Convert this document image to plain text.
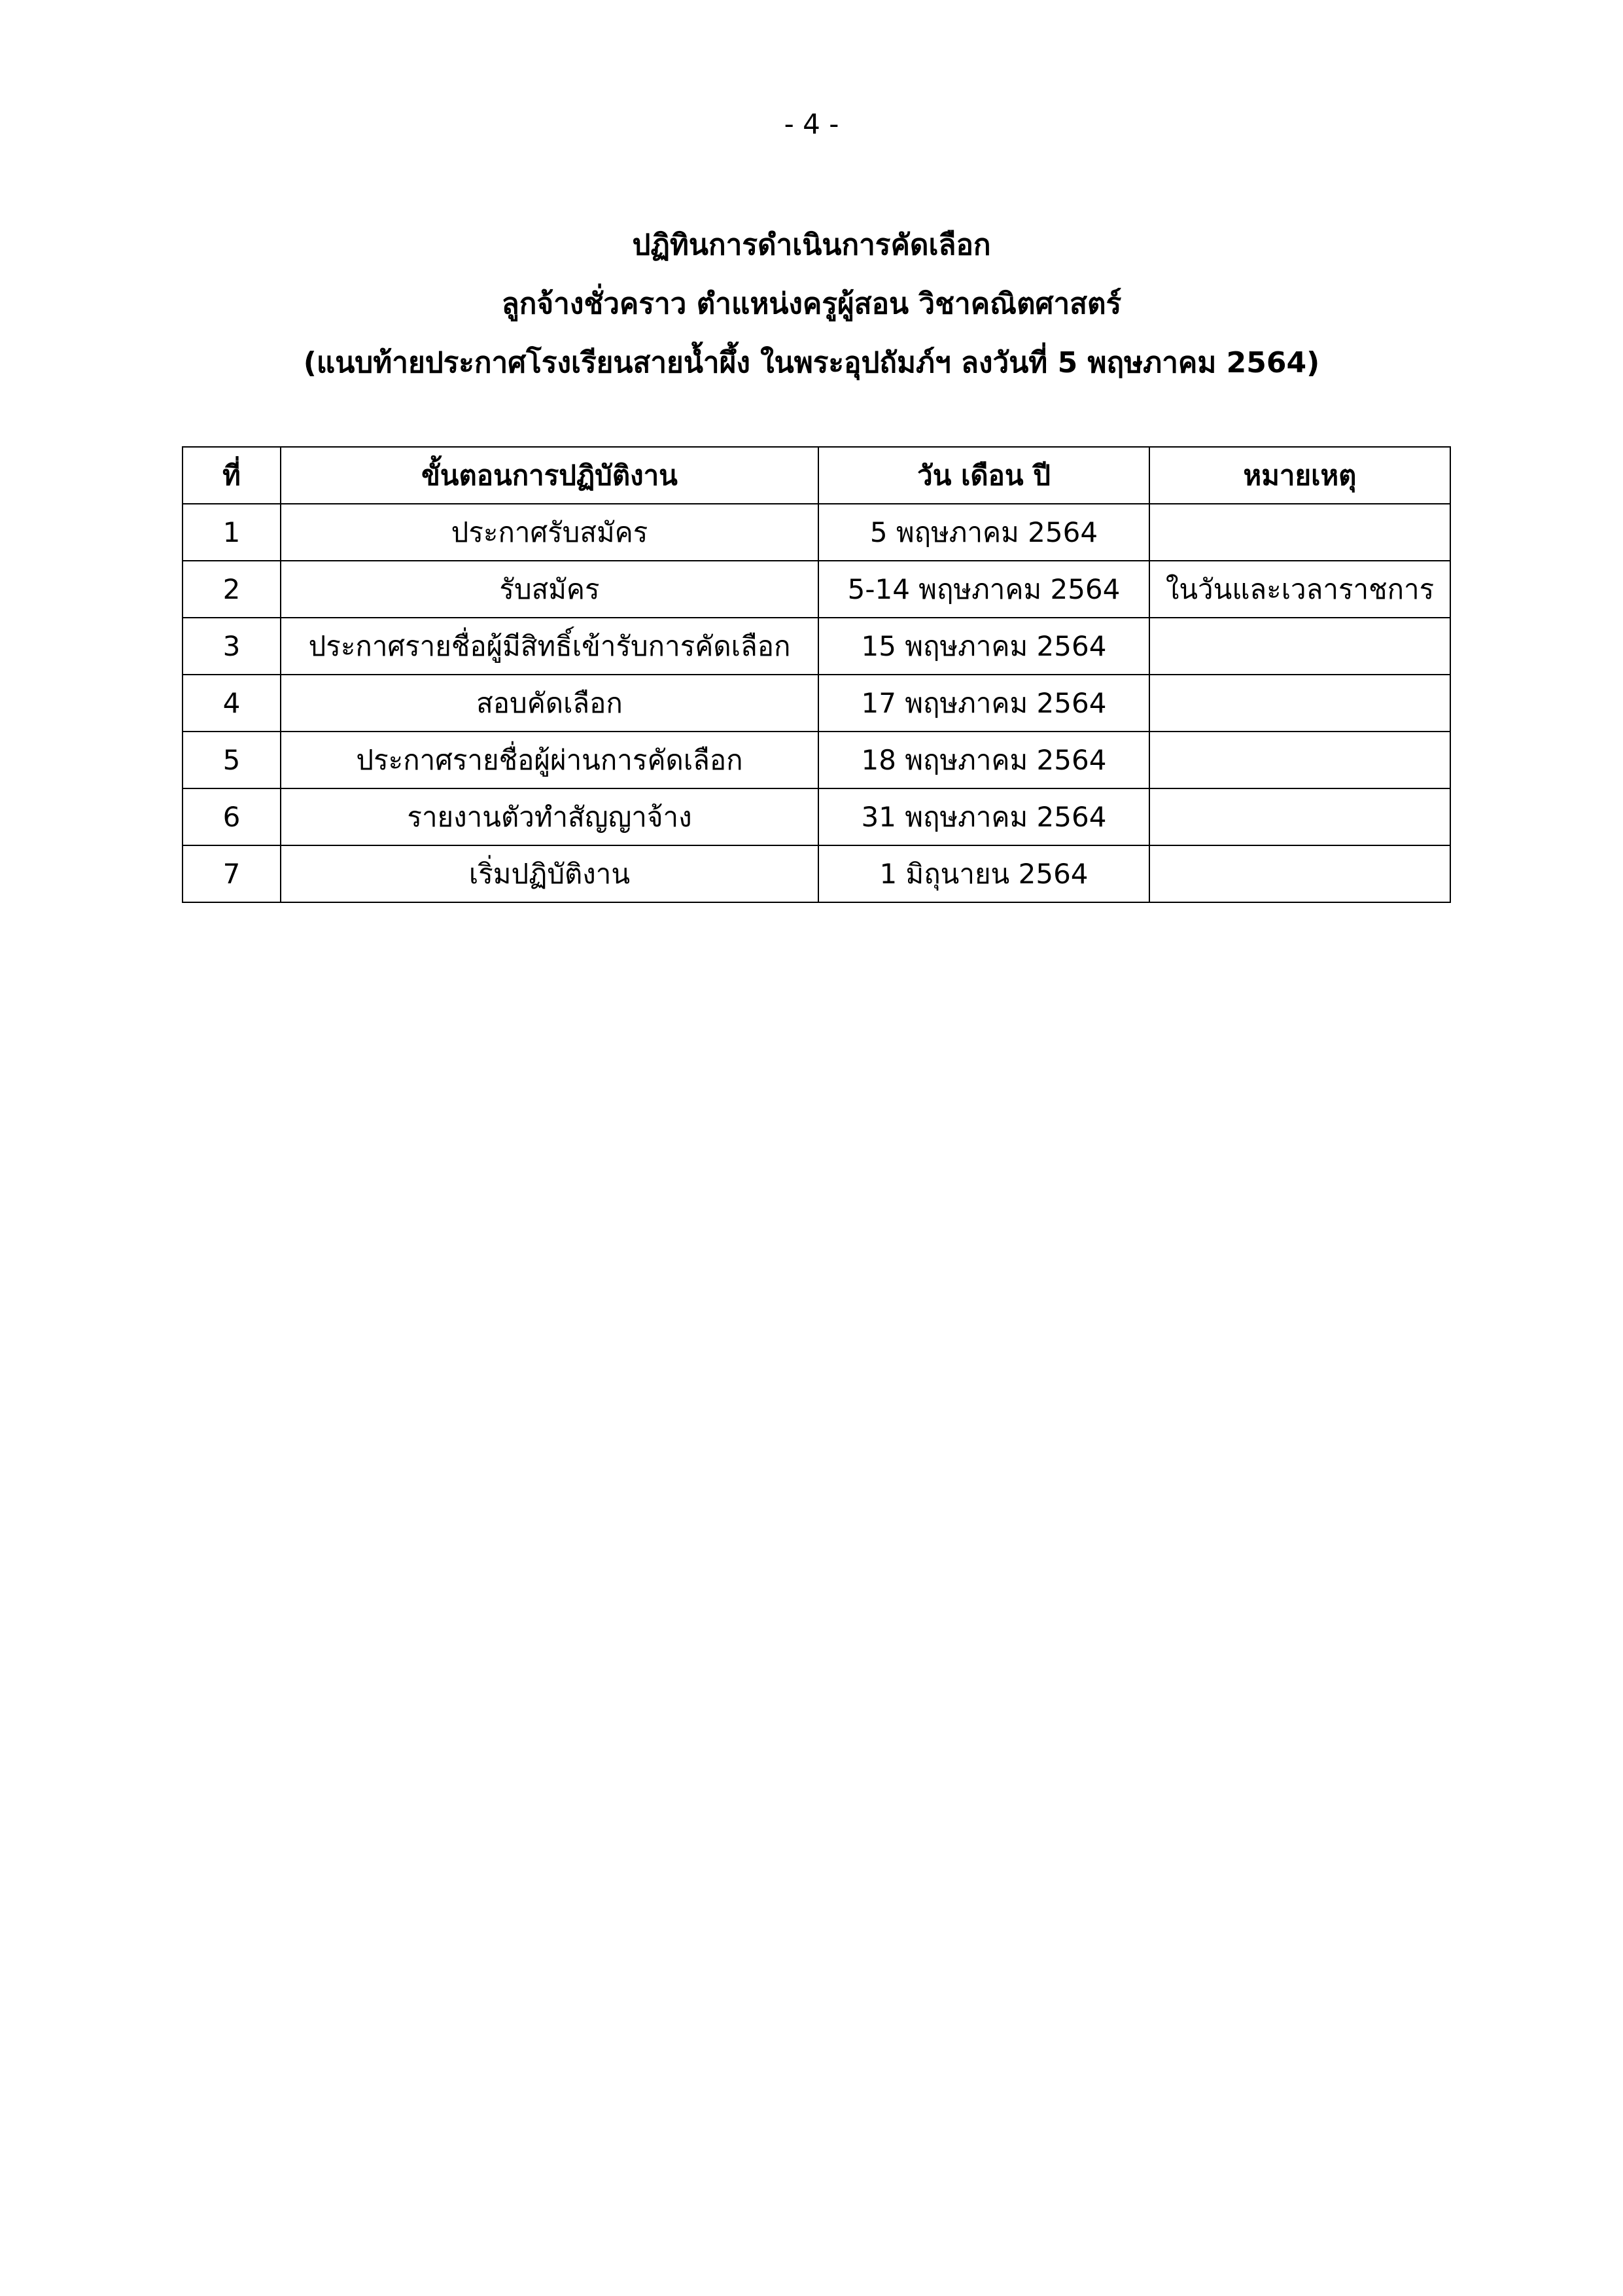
- 4 -
ปฏิทินการดำเนินการคัดเลือก
ลูกจ้างชั่วคราว ตำแหน่งครูผู้สอน วิชาคณิตศาสตร์
(แนบท้ายประกาศโรงเรียนสายน้ำผึ้ง ในพระอุปถัมภ์ฯ ลงวันที่ 5 พฤษภาคม 2564)
ที่	ขั้นตอนการปฏิบัติงาน	วัน เดือน ปี	หมายเหตุ
1	ประกาศรับสมัคร	5 พฤษภาคม 2564	
2	รับสมัคร	5-14 พฤษภาคม 2564	ในวันและเวลาราชการ
3	ประกาศรายชื่อผู้มีสิทธิ์เข้ารับการคัดเลือก	15 พฤษภาคม 2564	
4	สอบคัดเลือก	17 พฤษภาคม 2564	
5	ประกาศรายชื่อผู้ผ่านการคัดเลือก	18 พฤษภาคม 2564	
6	รายงานตัวทำสัญญาจ้าง	31 พฤษภาคม 2564	
7	เริ่มปฏิบัติงาน	1 มิถุนายน 2564	
